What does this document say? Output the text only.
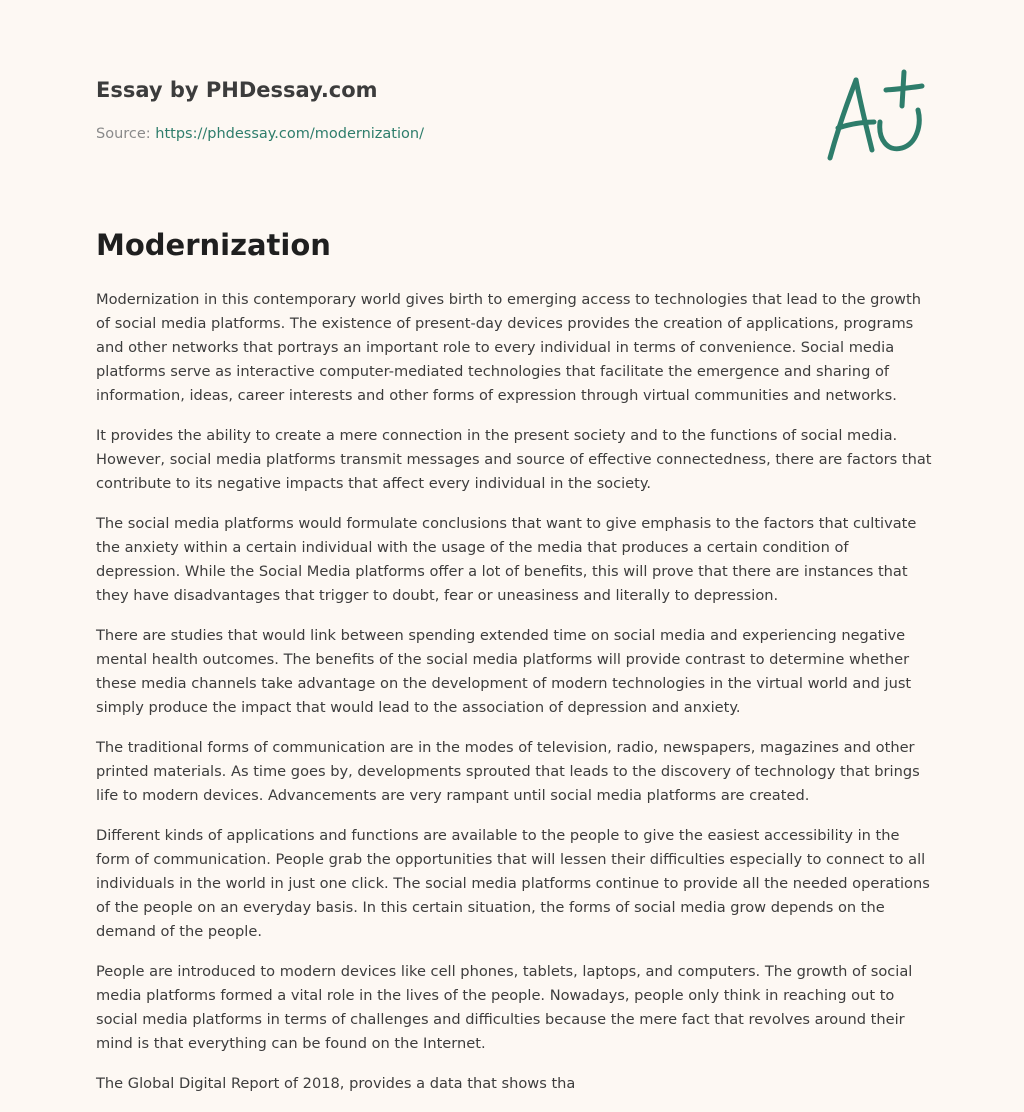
Essay by PHDessay.com
Source: https://phdessay.com/modernization/
Modernization

Modernization in this contemporary world gives birth to emerging access to technologies that lead to the growth of social media platforms. The existence of present-day devices provides the creation of applications, programs and other networks that portrays an important role to every individual in terms of convenience. Social media platforms serve as interactive computer-mediated technologies that facilitate the emergence and sharing of information, ideas, career interests and other forms of expression through virtual communities and networks.

It provides the ability to create a mere connection in the present society and to the functions of social media. However, social media platforms transmit messages and source of effective connectedness, there are factors that contribute to its negative impacts that affect every individual in the society.

The social media platforms would formulate conclusions that want to give emphasis to the factors that cultivate the anxiety within a certain individual with the usage of the media that produces a certain condition of depression. While the Social Media platforms offer a lot of benefits, this will prove that there are instances that they have disadvantages that trigger to doubt, fear or uneasiness and literally to depression.

There are studies that would link between spending extended time on social media and experiencing negative mental health outcomes. The benefits of the social media platforms will provide contrast to determine whether these media channels take advantage on the development of modern technologies in the virtual world and just simply produce the impact that would lead to the association of depression and anxiety.

The traditional forms of communication are in the modes of television, radio, newspapers, magazines and other printed materials. As time goes by, developments sprouted that leads to the discovery of technology that brings life to modern devices. Advancements are very rampant until social media platforms are created.

Different kinds of applications and functions are available to the people to give the easiest accessibility in the form of communication. People grab the opportunities that will lessen their difficulties especially to connect to all individuals in the world in just one click. The social media platforms continue to provide all the needed operations of the people on an everyday basis. In this certain situation, the forms of social media grow depends on the demand of the people.

People are introduced to modern devices like cell phones, tablets, laptops, and computers. The growth of social media platforms formed a vital role in the lives of the people. Nowadays, people only think in reaching out to social media platforms in terms of challenges and difficulties because the mere fact that revolves around their mind is that everything can be found on the Internet.

The Global Digital Report of 2018, provides a data that shows tha
